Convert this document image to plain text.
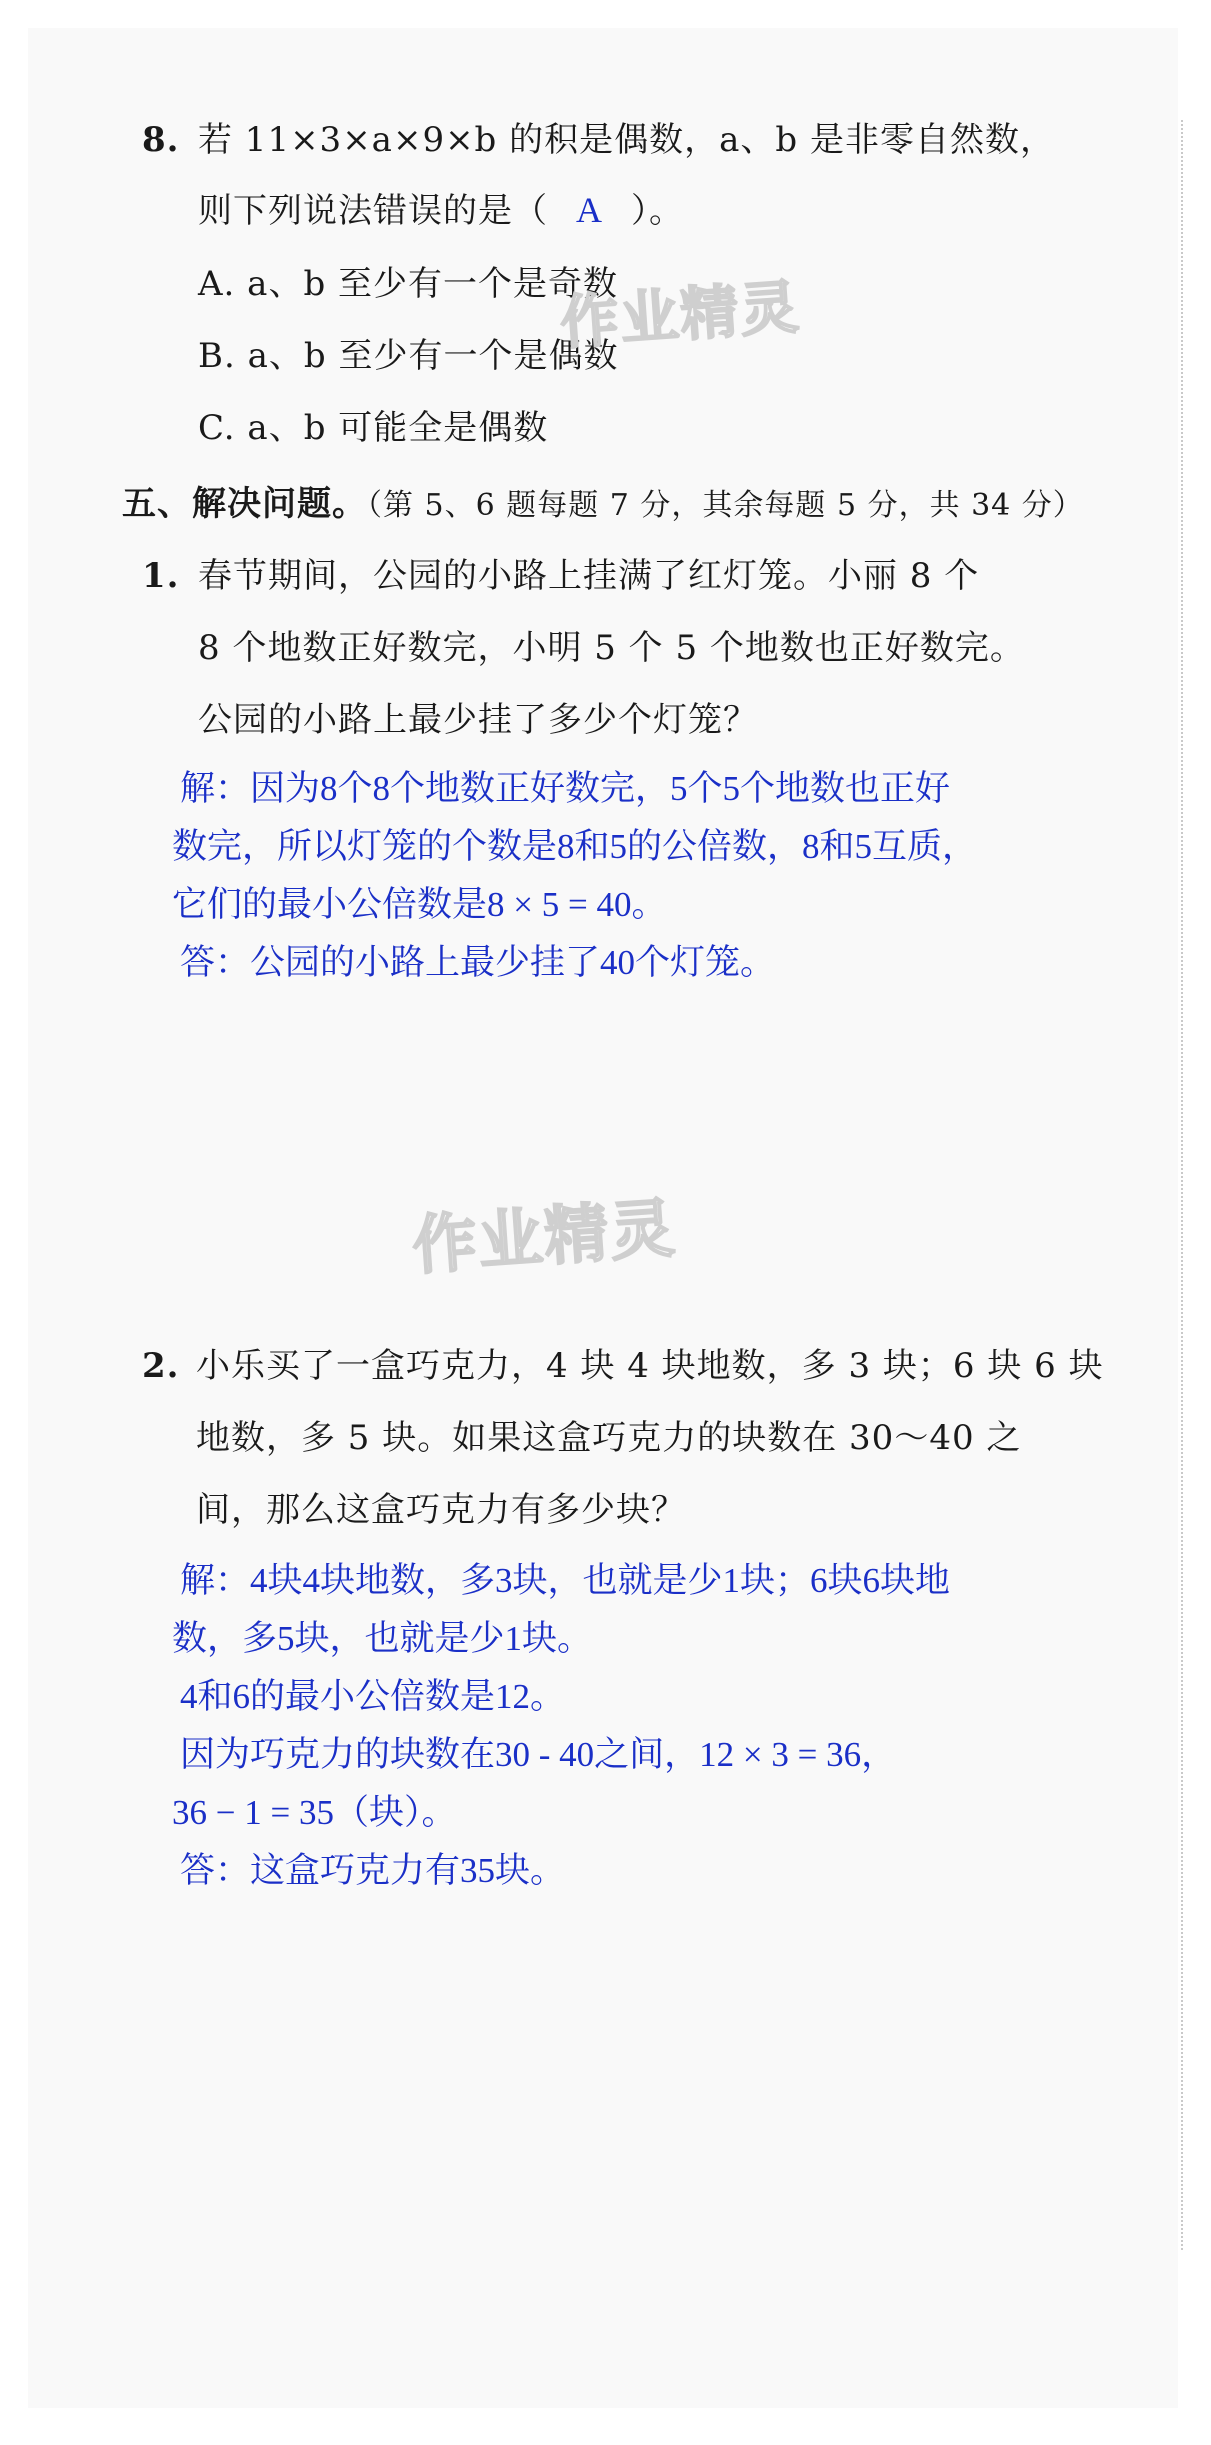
8. 若 11×3×a×9×b 的积是偶数，a、b 是非零自然数，
则下列说法错误的是（ A ）。
A. a、b 至少有一个是奇数
B. a、b 至少有一个是偶数
C. a、b 可能全是偶数
五、解决问题。（第 5、6 题每题 7 分，其余每题 5 分，共 34 分）
1. 春节期间，公园的小路上挂满了红灯笼。小丽 8 个
8 个地数正好数完，小明 5 个 5 个地数也正好数完。
公园的小路上最少挂了多少个灯笼？
解：因为8个8个地数正好数完，5个5个地数也正好
数完，所以灯笼的个数是8和5的公倍数，8和5互质，
它们的最小公倍数是8 × 5 = 40。
答：公园的小路上最少挂了40个灯笼。
作业精灵
作业精灵
2. 小乐买了一盒巧克力，4 块 4 块地数，多 3 块；6 块 6 块
地数，多 5 块。如果这盒巧克力的块数在 30～40 之
间，那么这盒巧克力有多少块？
解：4块4块地数，多3块，也就是少1块；6块6块地
数，多5块，也就是少1块。
4和6的最小公倍数是12。
因为巧克力的块数在30 - 40之间，12 × 3 = 36，
36 − 1 = 35（块）。
答：这盒巧克力有35块。
